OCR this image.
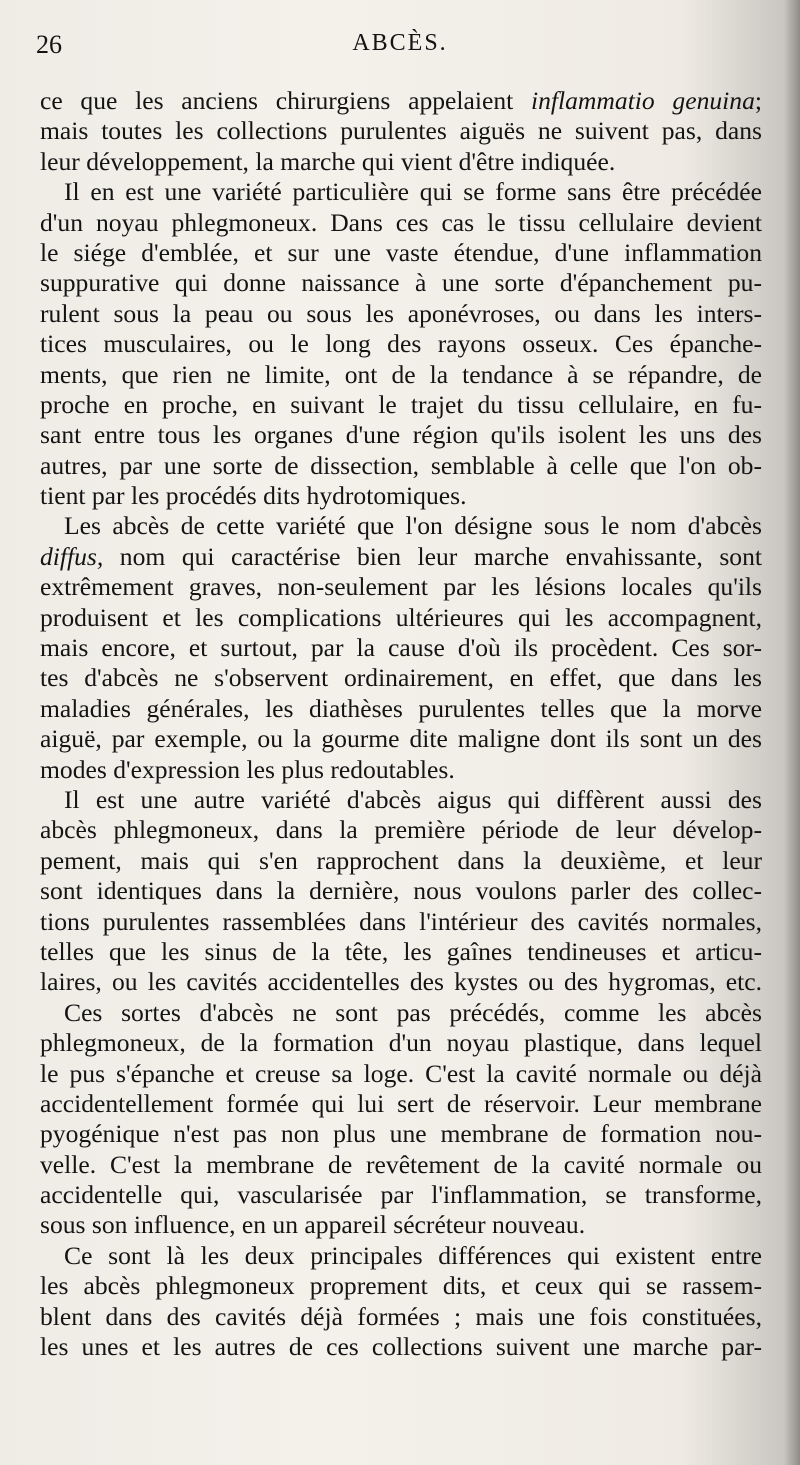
26	ABCÈS.
ce que les anciens chirurgiens appelaient inflammatio genuina;
mais toutes les collections purulentes aiguës ne suivent pas, dans
leur développement, la marche qui vient d'être indiquée.
Il en est une variété particulière qui se forme sans être précédée
d'un noyau phlegmoneux. Dans ces cas le tissu cellulaire devient
le siége d'emblée, et sur une vaste étendue, d'une inflammation
suppurative qui donne naissance à une sorte d'épanchement pu-
rulent sous la peau ou sous les aponévroses, ou dans les inters-
tices musculaires, ou le long des rayons osseux. Ces épanche-
ments, que rien ne limite, ont de la tendance à se répandre, de
proche en proche, en suivant le trajet du tissu cellulaire, en fu-
sant entre tous les organes d'une région qu'ils isolent les uns des
autres, par une sorte de dissection, semblable à celle que l'on ob-
tient par les procédés dits hydrotomiques.
Les abcès de cette variété que l'on désigne sous le nom d'abcès
diffus, nom qui caractérise bien leur marche envahissante, sont
extrêmement graves, non-seulement par les lésions locales qu'ils
produisent et les complications ultérieures qui les accompagnent,
mais encore, et surtout, par la cause d'où ils procèdent. Ces sor-
tes d'abcès ne s'observent ordinairement, en effet, que dans les
maladies générales, les diathèses purulentes telles que la morve
aiguë, par exemple, ou la gourme dite maligne dont ils sont un des
modes d'expression les plus redoutables.
Il est une autre variété d'abcès aigus qui diffèrent aussi des
abcès phlegmoneux, dans la première période de leur dévelop-
pement, mais qui s'en rapprochent dans la deuxième, et leur
sont identiques dans la dernière, nous voulons parler des collec-
tions purulentes rassemblées dans l'intérieur des cavités normales,
telles que les sinus de la tête, les gaînes tendineuses et articu-
laires, ou les cavités accidentelles des kystes ou des hygromas, etc.
Ces sortes d'abcès ne sont pas précédés, comme les abcès
phlegmoneux, de la formation d'un noyau plastique, dans lequel
le pus s'épanche et creuse sa loge. C'est la cavité normale ou déjà
accidentellement formée qui lui sert de réservoir. Leur membrane
pyogénique n'est pas non plus une membrane de formation nou-
velle. C'est la membrane de revêtement de la cavité normale ou
accidentelle qui, vascularisée par l'inflammation, se transforme,
sous son influence, en un appareil sécréteur nouveau.
Ce sont là les deux principales différences qui existent entre
les abcès phlegmoneux proprement dits, et ceux qui se rassem-
blent dans des cavités déjà formées ; mais une fois constituées,
les unes et les autres de ces collections suivent une marche par-
